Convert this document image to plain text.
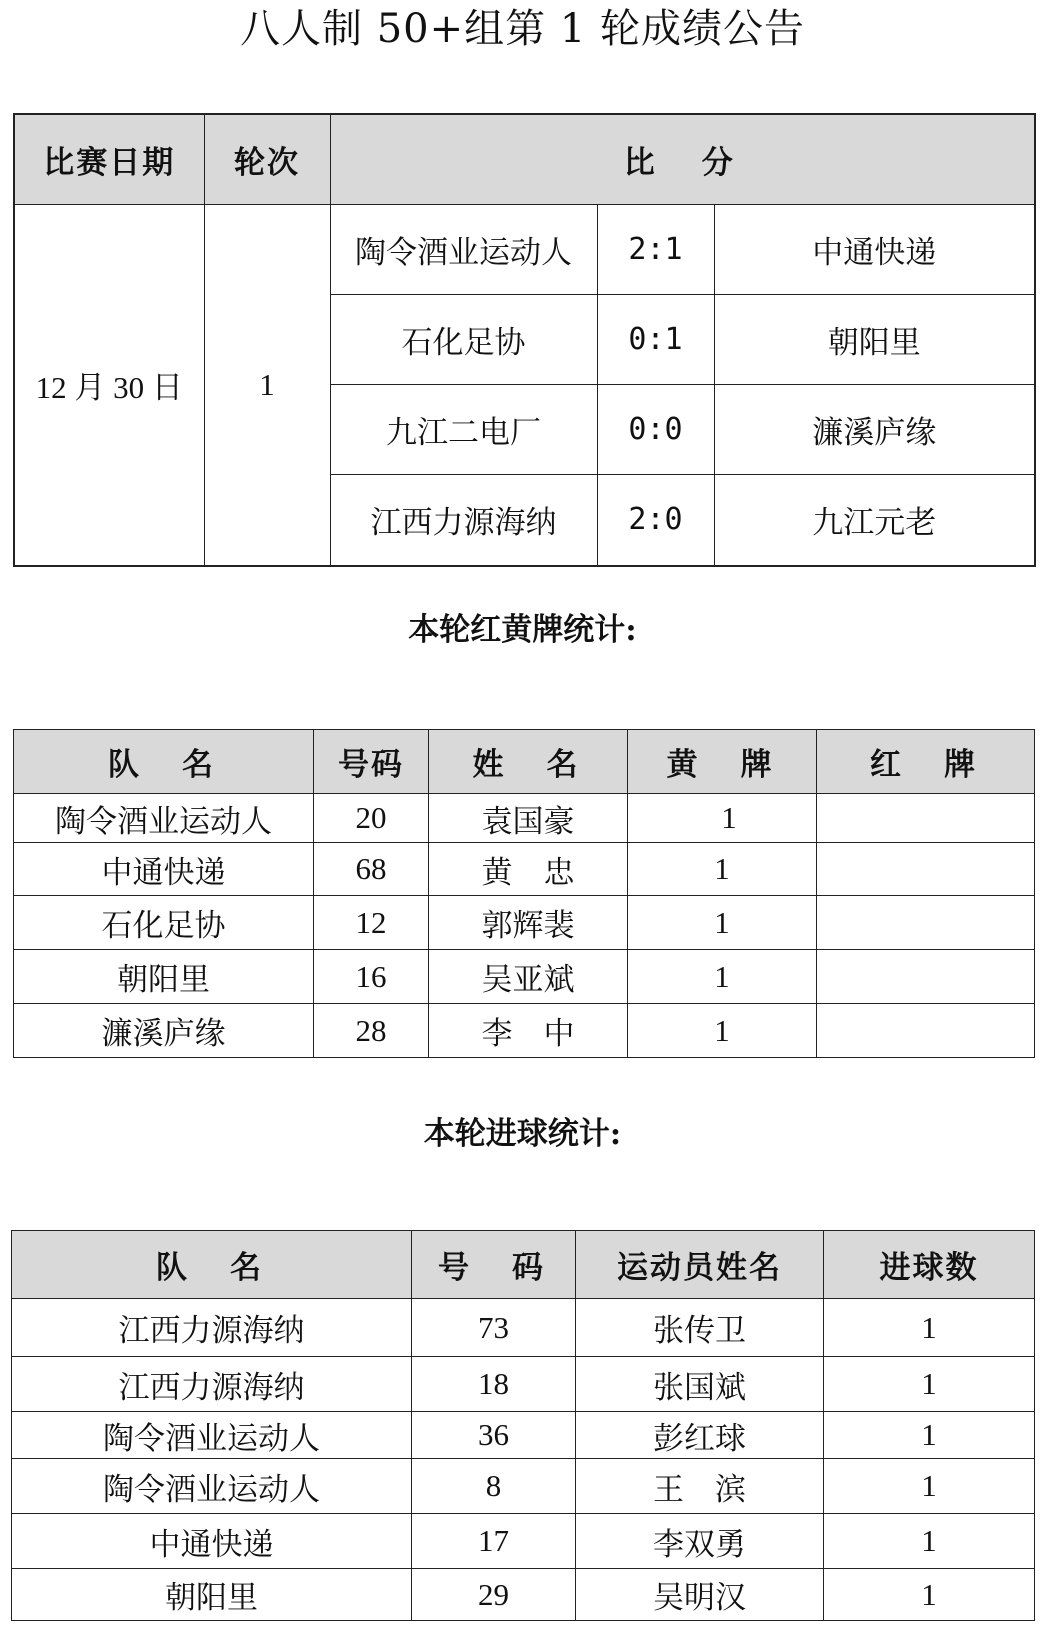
八人制 50+组第 1 轮成绩公告
比赛日期	轮次	比　分		
12 月 30 日	1	陶令酒业运动人	2:1	中通快递
		石化足协	0:1	朝阳里
		九江二电厂	0:0	濂溪庐缘
		江西力源海纳	2:0	九江元老
本轮红黄牌统计:
队　名	号码	姓　名	黄　牌	红　牌
陶令酒业运动人	20	袁国豪	1	
中通快递	68	黄　忠	1	
石化足协	12	郭辉裴	1	
朝阳里	16	吴亚斌	1	
濂溪庐缘	28	李　中	1	
本轮进球统计:
队　名	号　码	运动员姓名	进球数
江西力源海纳	73	张传卫	1
江西力源海纳	18	张国斌	1
陶令酒业运动人	36	彭红球	1
陶令酒业运动人	8	王　滨	1
中通快递	17	李双勇	1
朝阳里	29	吴明汉	1
